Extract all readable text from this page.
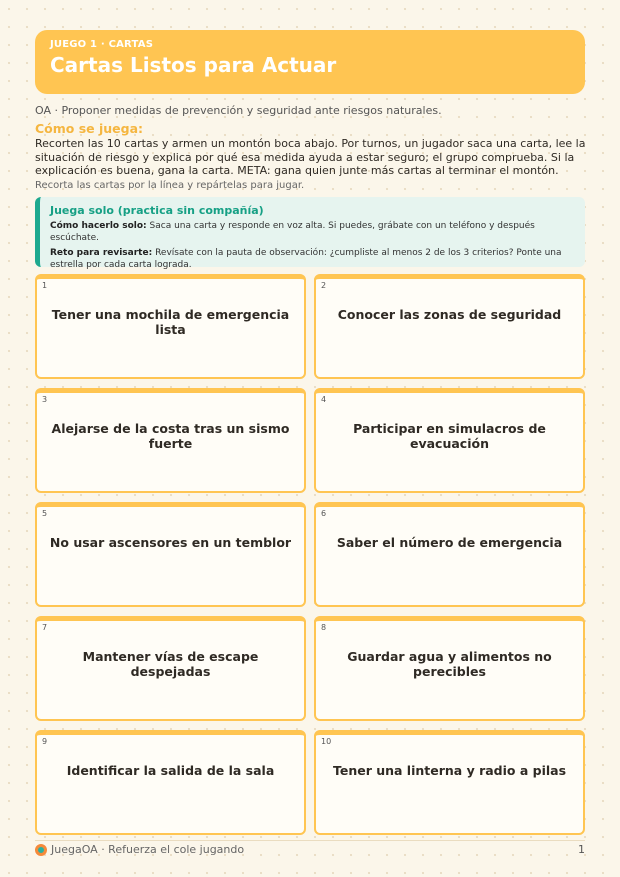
JUEGO 1 · CARTAS
Cartas Listos para Actuar
OA · Proponer medidas de prevención y seguridad ante riesgos naturales.
Cómo se juega:
Recorten las 10 cartas y armen un montón boca abajo. Por turnos, un jugador saca una carta, lee la situación de riesgo y explica por qué esa medida ayuda a estar seguro; el grupo comprueba. Si la explicación es buena, gana la carta. META: gana quien junte más cartas al terminar el montón.
Recorta las cartas por la línea y repártelas para jugar.
Juega solo (practica sin compañía)
Cómo hacerlo solo: Saca una carta y responde en voz alta. Si puedes, grábate con un teléfono y después escúchate.
Reto para revisarte: Revísate con la pauta de observación: ¿cumpliste al menos 2 de los 3 criterios? Ponte una estrella por cada carta lograda.
1
Tener una mochila de emergencia lista
2
Conocer las zonas de seguridad
3
Alejarse de la costa tras un sismo fuerte
4
Participar en simulacros de evacuación
5
No usar ascensores en un temblor
6
Saber el número de emergencia
7
Mantener vías de escape despejadas
8
Guardar agua y alimentos no perecibles
9
Identificar la salida de la sala
10
Tener una linterna y radio a pilas
JuegaOA · Refuerza el cole jugando	1
